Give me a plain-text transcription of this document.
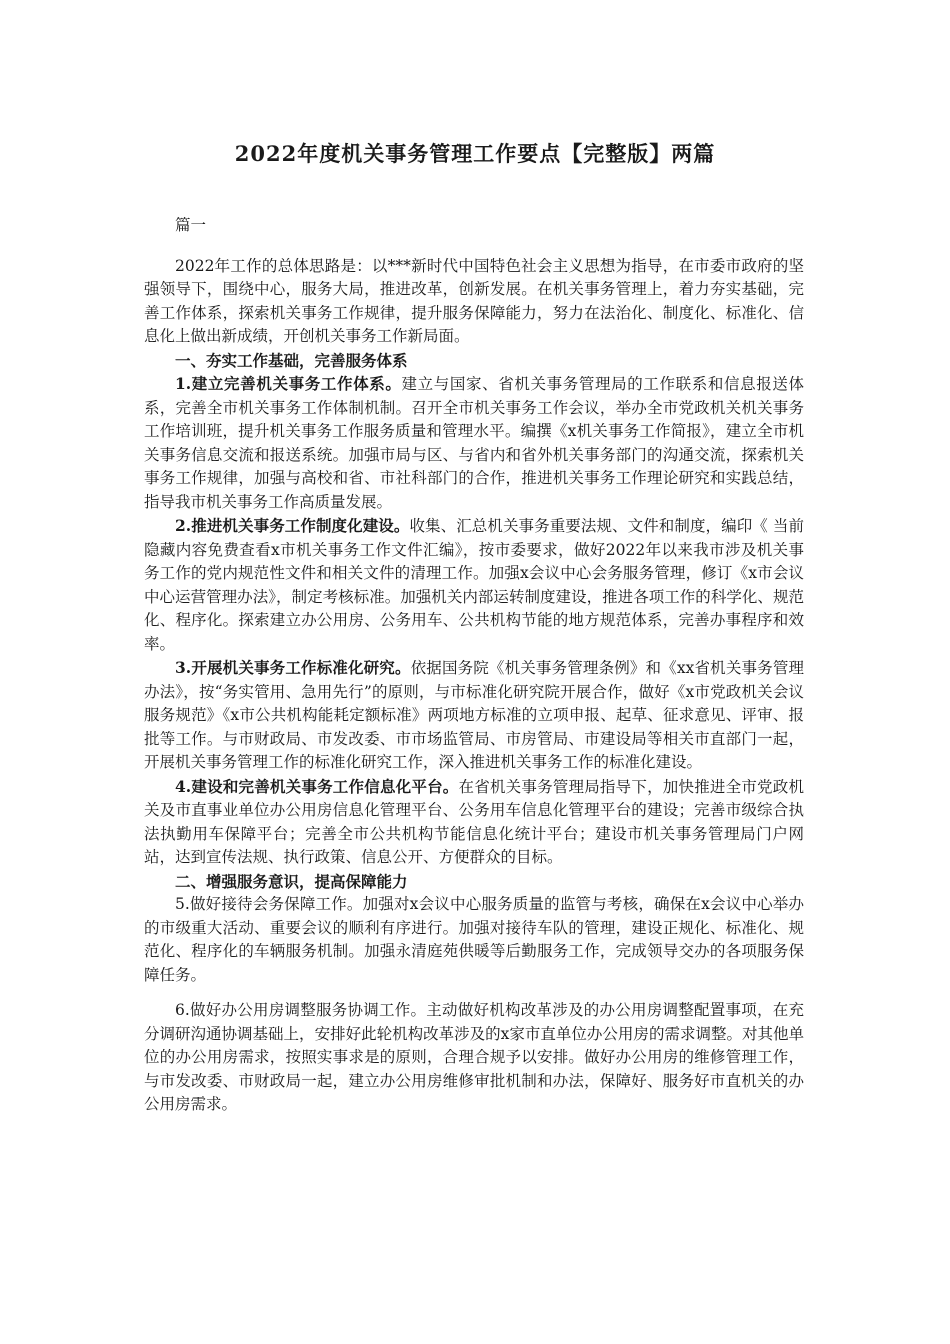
2022年度机关事务管理工作要点【完整版】两篇

篇一

2022年工作的总体思路是：以***新时代中国特色社会主义思想为指导，在市委市政府的坚强领导下，围绕中心，服务大局，推进改革，创新发展。在机关事务管理上，着力夯实基础，完善工作体系，探索机关事务工作规律，提升服务保障能力，努力在法治化、制度化、标准化、信息化上做出新成绩，开创机关事务工作新局面。

一、夯实工作基础，完善服务体系

1.建立完善机关事务工作体系。建立与国家、省机关事务管理局的工作联系和信息报送体系，完善全市机关事务工作体制机制。召开全市机关事务工作会议，举办全市党政机关机关事务工作培训班，提升机关事务工作服务质量和管理水平。编撰《x机关事务工作简报》，建立全市机关事务信息交流和报送系统。加强市局与区、与省内和省外机关事务部门的沟通交流，探索机关事务工作规律，加强与高校和省、市社科部门的合作，推进机关事务工作理论研究和实践总结，指导我市机关事务工作高质量发展。

2.推进机关事务工作制度化建设。收集、汇总机关事务重要法规、文件和制度，编印《 当前隐藏内容免费查看x市机关事务工作文件汇编》，按市委要求，做好2022年以来我市涉及机关事务工作的党内规范性文件和相关文件的清理工作。加强x会议中心会务服务管理，修订《x市会议中心运营管理办法》，制定考核标准。加强机关内部运转制度建设，推进各项工作的科学化、规范化、程序化。探索建立办公用房、公务用车、公共机构节能的地方规范体系，完善办事程序和效率。

3.开展机关事务工作标准化研究。依据国务院《机关事务管理条例》和《xx省机关事务管理办法》，按“务实管用、急用先行”的原则，与市标准化研究院开展合作，做好《x市党政机关会议服务规范》《x市公共机构能耗定额标准》两项地方标准的立项申报、起草、征求意见、评审、报批等工作。与市财政局、市发改委、市市场监管局、市房管局、市建设局等相关市直部门一起，开展机关事务管理工作的标准化研究工作，深入推进机关事务工作的标准化建设。

4.建设和完善机关事务工作信息化平台。在省机关事务管理局指导下，加快推进全市党政机关及市直事业单位办公用房信息化管理平台、公务用车信息化管理平台的建设；完善市级综合执法执勤用车保障平台；完善全市公共机构节能信息化统计平台；建设市机关事务管理局门户网站，达到宣传法规、执行政策、信息公开、方便群众的目标。

二、增强服务意识，提高保障能力

5.做好接待会务保障工作。加强对x会议中心服务质量的监管与考核，确保在x会议中心举办的市级重大活动、重要会议的顺利有序进行。加强对接待车队的管理，建设正规化、标准化、规范化、程序化的车辆服务机制。加强永清庭苑供暖等后勤服务工作，完成领导交办的各项服务保障任务。

6.做好办公用房调整服务协调工作。主动做好机构改革涉及的办公用房调整配置事项，在充分调研沟通协调基础上，安排好此轮机构改革涉及的x家市直单位办公用房的需求调整。对其他单位的办公用房需求，按照实事求是的原则，合理合规予以安排。做好办公用房的维修管理工作，与市发改委、市财政局一起，建立办公用房维修审批机制和办法，保障好、服务好市直机关的办公用房需求。
